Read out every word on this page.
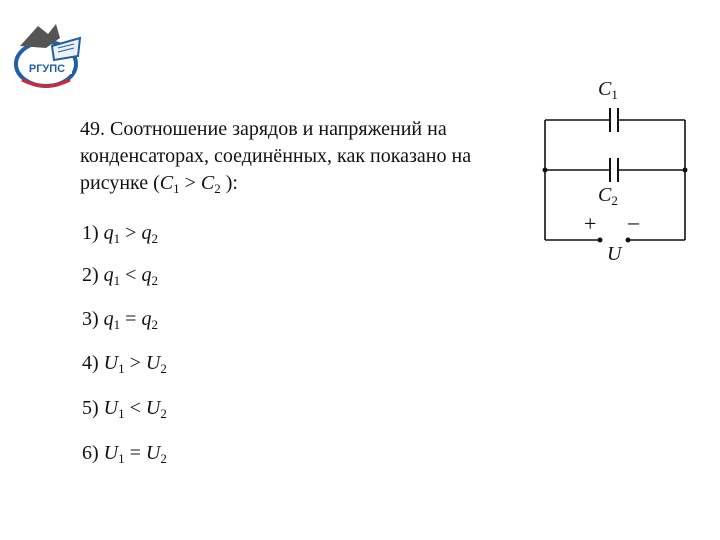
РГУПС
49. Соотношение зарядов и напряжений на конденсаторах, соединённых, как показано на рисунке ($C_1 > C_2$ ):
1) $q_1 > q_2$
2) $q_1 < q_2$
3) $q_1 = q_2$
4) $U_1 > U_2$
5) $U_1 < U_2$
6) $U_1 = U_2$
$C_1$
$C_2$
+ –
U
